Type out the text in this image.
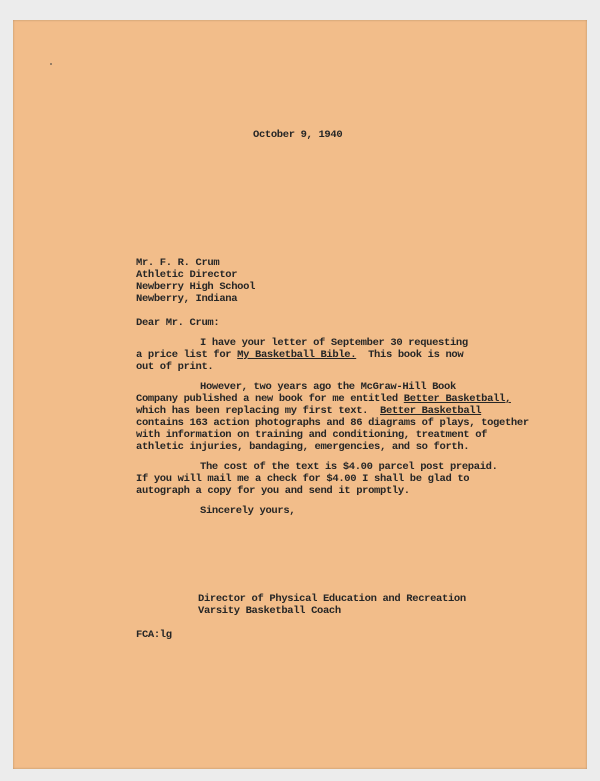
October 9, 1940
Mr. F. R. Crum
Athletic Director
Newberry High School
Newberry, Indiana
Dear Mr. Crum:
I have your letter of September 30 requesting
a price list for My Basketball Bible.  This book is now
out of print.
However, two years ago the McGraw-Hill Book
Company published a new book for me entitled Better Basketball,
which has been replacing my first text.  Better Basketball
contains 163 action photographs and 86 diagrams of plays, together
with information on training and conditioning, treatment of
athletic injuries, bandaging, emergencies, and so forth.
The cost of the text is $4.00 parcel post prepaid.
If you will mail me a check for $4.00 I shall be glad to
autograph a copy for you and send it promptly.
Sincerely yours,
Director of Physical Education and Recreation
Varsity Basketball Coach
FCA:lg
